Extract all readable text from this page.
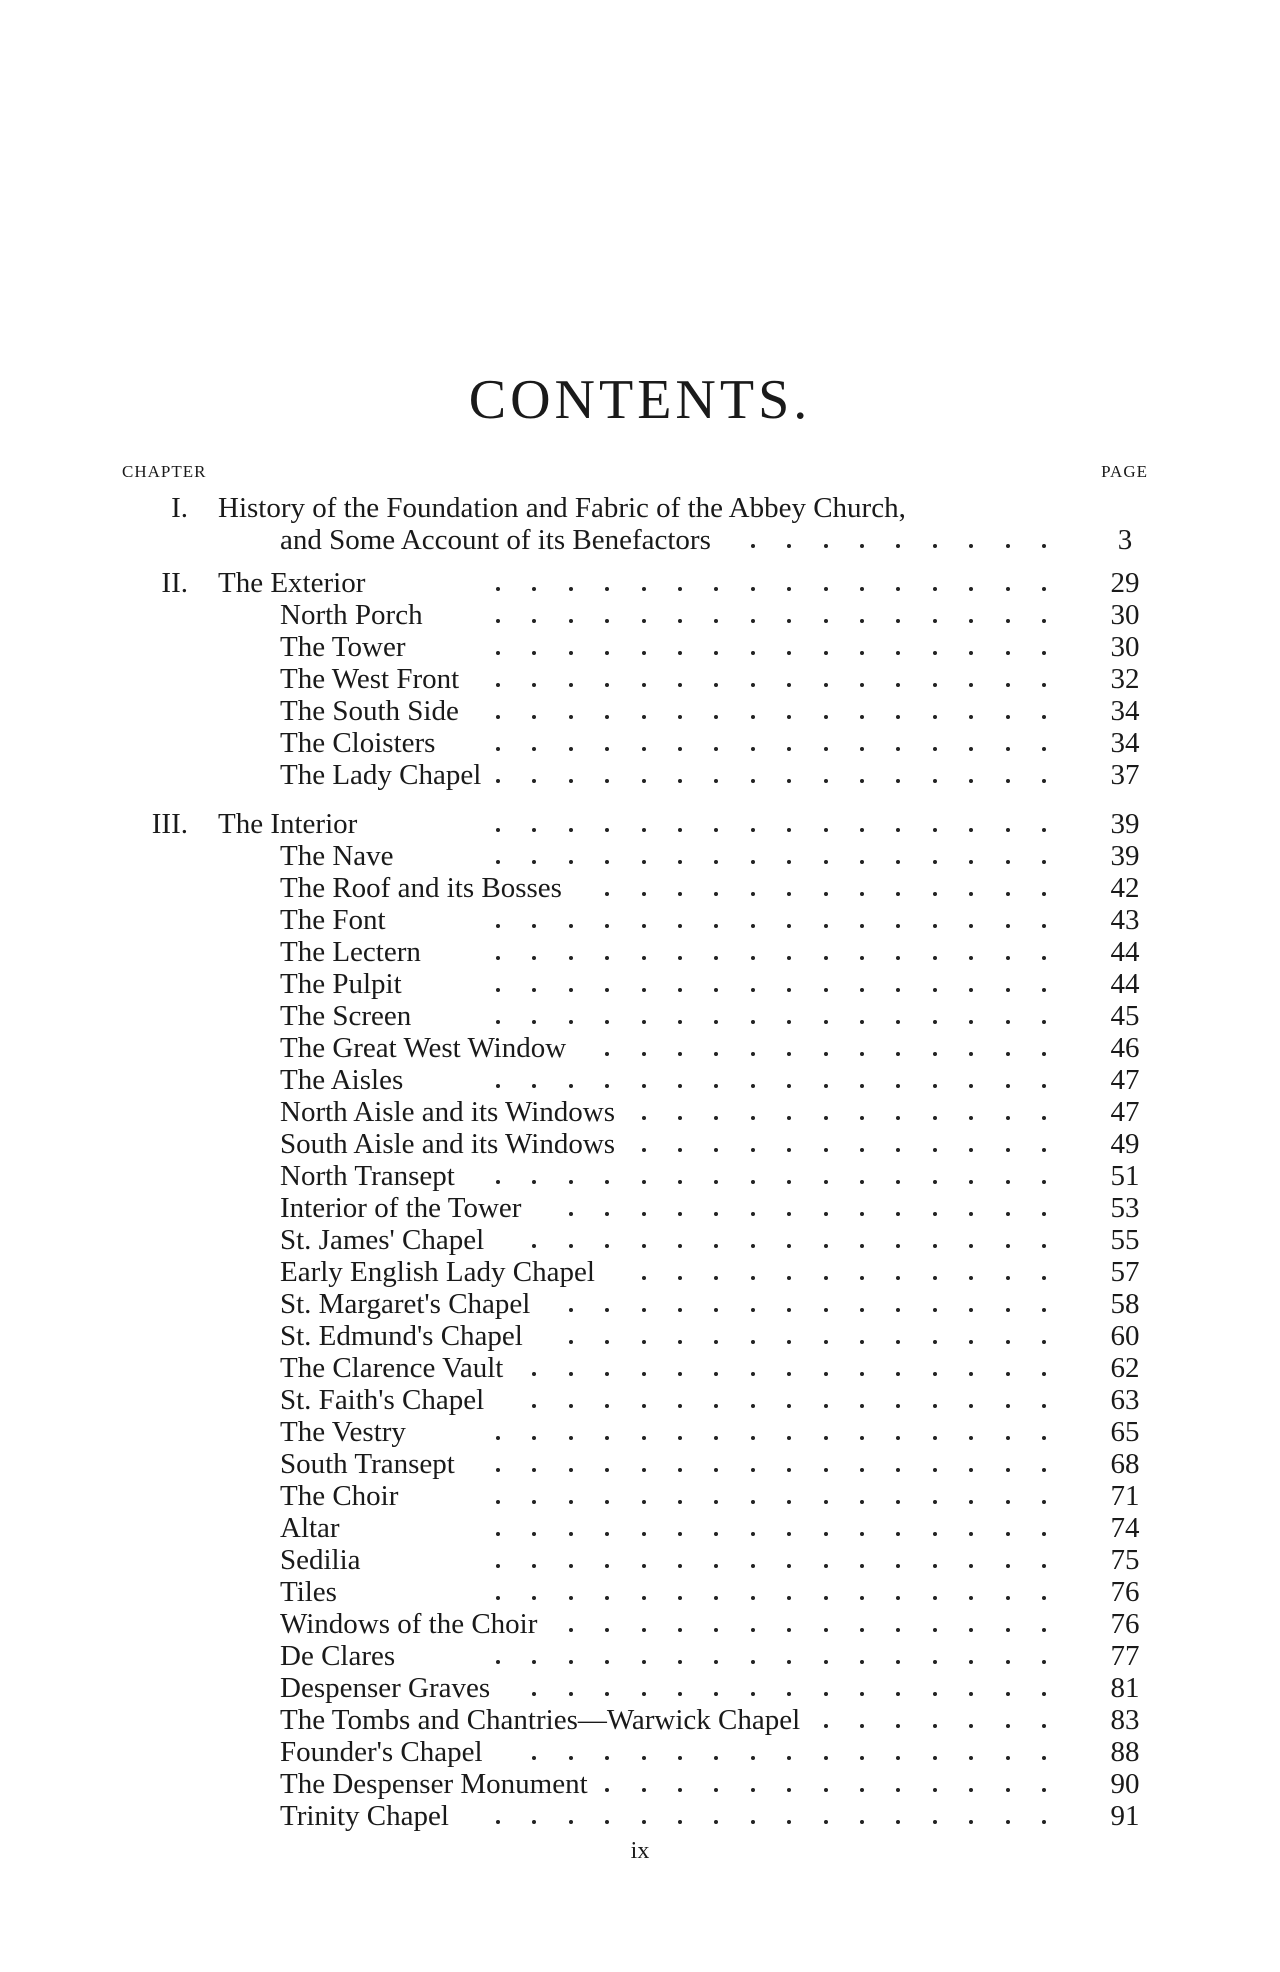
CONTENTS.
CHAPTER	PAGE
I. History of the Foundation and Fabric of the Abbey Church,
and Some Account of its Benefactors	3
II. The Exterior	29
North Porch	30
The Tower	30
The West Front	32
The South Side	34
The Cloisters	34
The Lady Chapel	37
III. The Interior	39
The Nave	39
The Roof and its Bosses	42
The Font	43
The Lectern	44
The Pulpit	44
The Screen	45
The Great West Window	46
The Aisles	47
North Aisle and its Windows	47
South Aisle and its Windows	49
North Transept	51
Interior of the Tower	53
St. James' Chapel	55
Early English Lady Chapel	57
St. Margaret's Chapel	58
St. Edmund's Chapel	60
The Clarence Vault	62
St. Faith's Chapel	63
The Vestry	65
South Transept	68
The Choir	71
Altar	74
Sedilia	75
Tiles	76
Windows of the Choir	76
De Clares	77
Despenser Graves	81
The Tombs and Chantries—Warwick Chapel	83
Founder's Chapel	88
The Despenser Monument	90
Trinity Chapel	91
ix
